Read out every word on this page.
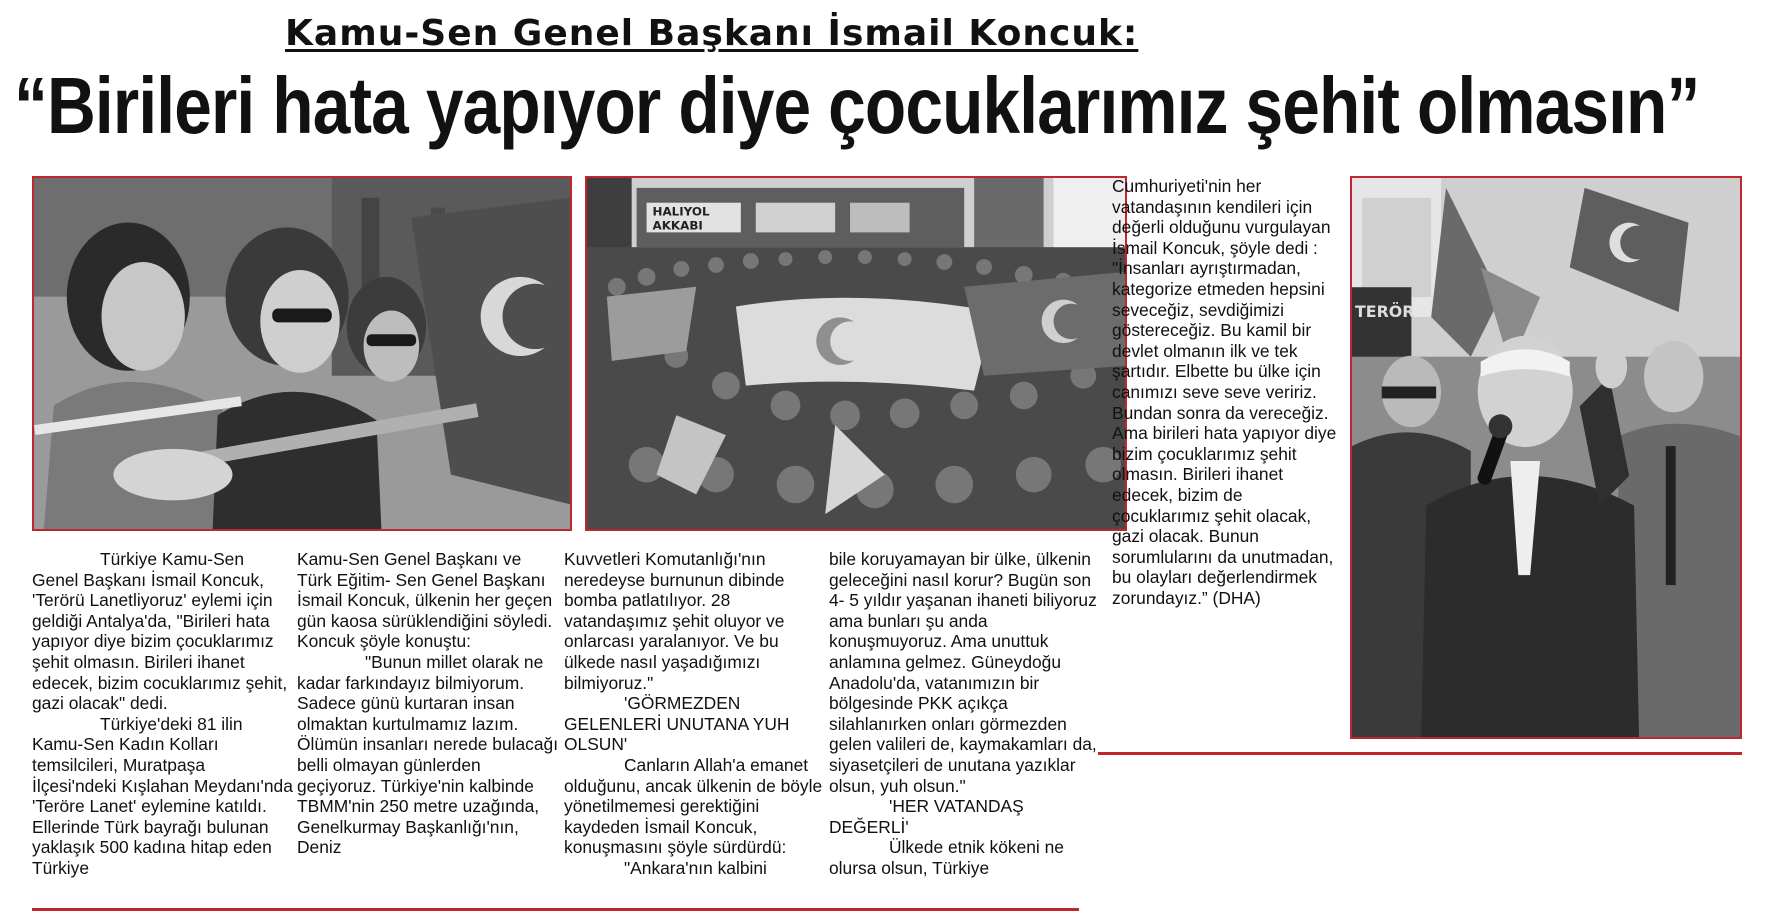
Kamu-Sen Genel Başkanı İsmail Koncuk:
“Birileri hata yapıyor diye çocuklarımız şehit olmasın”
HALIYOL
AKKABI
TERÖR

Türkiye Kamu-Sen Genel Başkanı İsmail Koncuk, 'Terörü Lanetliyoruz' eylemi için geldiği Antalya'da, "Birileri hata yapıyor diye bizim çocuklarımız şehit olmasın. Birileri ihanet edecek, bizim cocuklarımız şehit, gazi olacak" dedi.

Türkiye'deki 81 ilin Kamu-Sen Kadın Kolları temsilcileri, Muratpaşa İlçesi'ndeki Kışlahan Meydanı'nda 'Teröre Lanet' eylemine katıldı. Ellerinde Türk bayrağı bulunan yaklaşık 500 kadına hitap eden Türkiye

Kamu-Sen Genel Başkanı ve Türk Eğitim- Sen Genel Başkanı İsmail Koncuk, ülkenin her geçen gün kaosa sürüklendiğini söyledi. Koncuk şöyle konuştu:

"Bunun millet olarak ne kadar farkındayız bilmiyorum. Sadece günü kurtaran insan olmaktan kurtulmamız lazım. Ölümün insanları nerede bulacağı belli olmayan günlerden geçiyoruz. Türkiye'nin kalbinde TBMM'nin 250 metre uzağında, Genelkurmay Başkanlığı'nın, Deniz

Kuvvetleri Komutanlığı'nın neredeyse burnunun dibinde bomba patlatılıyor. 28 vatandaşımız şehit oluyor ve onlarcası yaralanıyor. Ve bu ülkede nasıl yaşadığımızı bilmiyoruz."

'GÖRMEZDEN GELENLERİ UNUTANA YUH OLSUN'

Canların Allah'a emanet olduğunu, ancak ülkenin de böyle yönetilmemesi gerektiğini kaydeden İsmail Koncuk, konuşmasını şöyle sürdürdü:

"Ankara'nın kalbini

bile koruyamayan bir ülke, ülkenin geleceğini nasıl korur? Bugün son 4- 5 yıldır yaşanan ihaneti biliyoruz ama bunları şu anda konuşmuyoruz. Ama unuttuk anlamına gelmez. Güneydoğu Anadolu'da, vatanımızın bir bölgesinde PKK açıkça silahlanırken onları görmezden gelen valileri de, kaymakamları da, siyasetçileri de unutana yazıklar olsun, yuh olsun."

'HER VATANDAŞ DEĞERLİ'

Ülkede etnik kökeni ne olursa olsun, Türkiye

Cumhuriyeti'nin her vatandaşının kendileri için değerli olduğunu vurgulayan İsmail Koncuk, şöyle dedi : "İnsanları ayrıştırmadan, kategorize etmeden hepsini seveceğiz, sevdiğimizi göstereceğiz. Bu kamil bir devlet olmanın ilk ve tek şartıdır. Elbette bu ülke için canımızı seve seve veririz. Bundan sonra da vereceğiz. Ama birileri hata yapıyor diye bizim çocuklarımız şehit olmasın. Birileri ihanet edecek, bizim de çocuklarımız şehit olacak, gazi olacak. Bunun sorumlularını da unutmadan, bu olayları değerlendirmek zorundayız.” (DHA)
